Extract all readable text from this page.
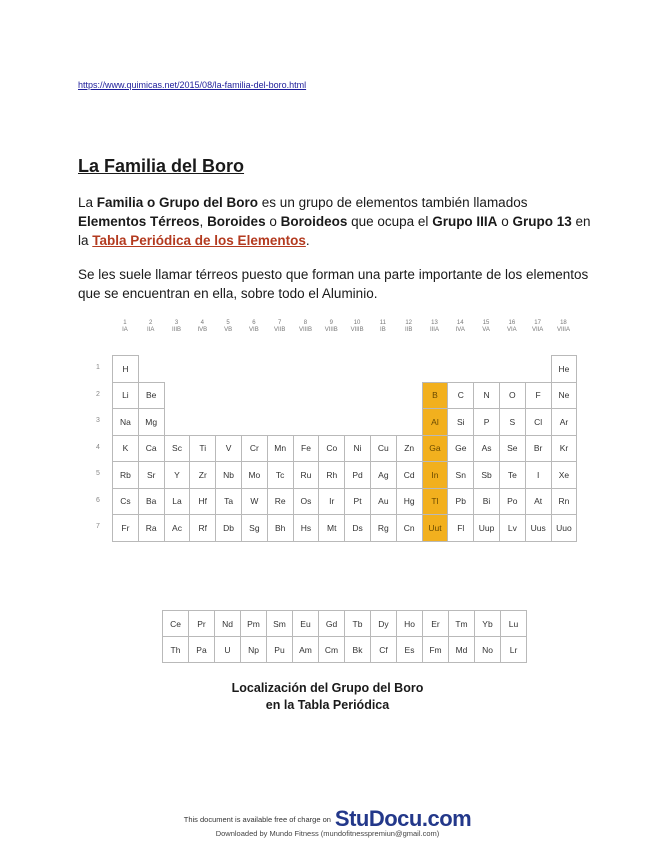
https://www.quimicas.net/2015/08/la-familia-del-boro.html
La Familia del Boro

La Familia o Grupo del Boro es un grupo de elementos también llamados Elementos Térreos, Boroides o Boroideos que ocupa el Grupo IIIA o Grupo 13 en la Tabla Periódica de los Elementos.

Se les suele llamar térreos puesto que forman una parte importante de los elementos que se encuentran en ella, sobre todo el Aluminio.

1
IA
2
IIA
3
IIIB
4
IVB
5
VB
6
VIB
7
VIIB
8
VIIIB
9
VIIIB
10
VIIIB
11
IB
12
IIB
13
IIIA
14
IVA
15
VA
16
VIA
17
VIIA
18
VIIIA
1
2
3
4
5
6
7
H																	He
Li	Be											B	C	N	O	F	Ne
Na	Mg											Al	Si	P	S	Cl	Ar
K	Ca	Sc	Ti	V	Cr	Mn	Fe	Co	Ni	Cu	Zn	Ga	Ge	As	Se	Br	Kr
Rb	Sr	Y	Zr	Nb	Mo	Tc	Ru	Rh	Pd	Ag	Cd	In	Sn	Sb	Te	I	Xe
Cs	Ba	La	Hf	Ta	W	Re	Os	Ir	Pt	Au	Hg	Tl	Pb	Bi	Po	At	Rn
Fr	Ra	Ac	Rf	Db	Sg	Bh	Hs	Mt	Ds	Rg	Cn	Uut	Fl	Uup	Lv	Uus	Uuo
Ce	Pr	Nd	Pm	Sm	Eu	Gd	Tb	Dy	Ho	Er	Tm	Yb	Lu
Th	Pa	U	Np	Pu	Am	Cm	Bk	Cf	Es	Fm	Md	No	Lr
Localización del Grupo del Boro
en la Tabla Periódica
This document is available free of charge on StuDocu.com
Downloaded by Mundo Fitness (mundofitnesspremiun@gmail.com)
